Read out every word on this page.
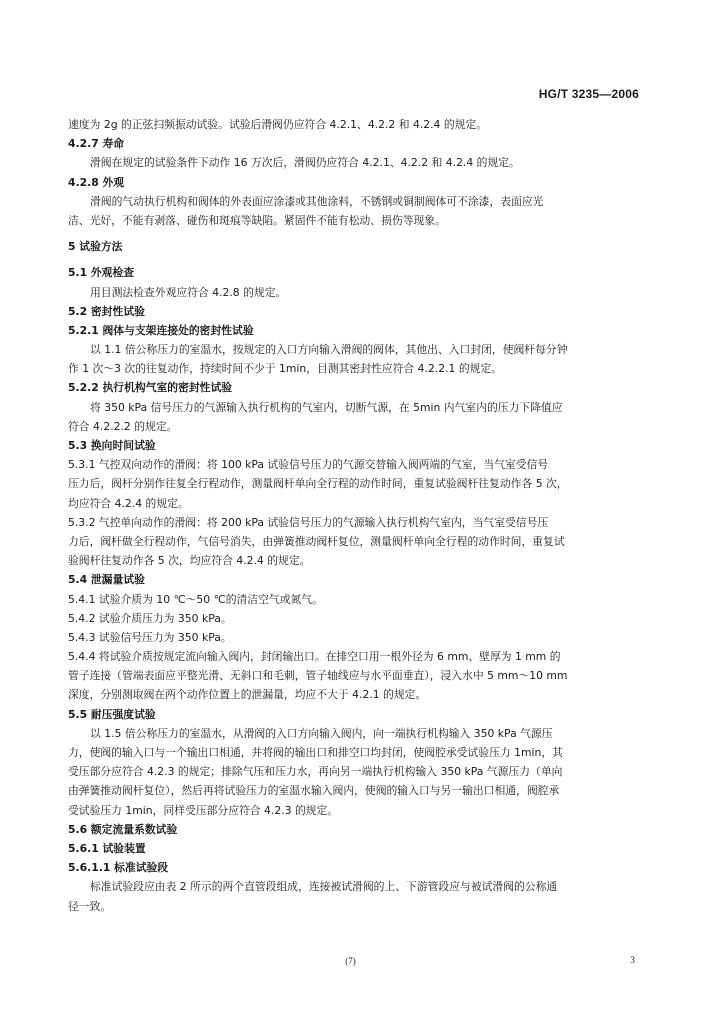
HG/T 3235—2006
速度为 2g 的正弦扫频振动试验。试验后滑阀仍应符合 4.2.1、4.2.2 和 4.2.4 的规定。
4.2.7 寿命
滑阀在规定的试验条件下动作 16 万次后，滑阀仍应符合 4.2.1、4.2.2 和 4.2.4 的规定。
4.2.8 外观
滑阀的气动执行机构和阀体的外表面应涂漆或其他涂料，不锈钢或铜制阀体可不涂漆，表面应光
洁、光好，不能有剥落、碰伤和斑痕等缺陷。紧固件不能有松动、损伤等现象。
5 试验方法
5.1 外观检查
用目测法检查外观应符合 4.2.8 的规定。
5.2 密封性试验
5.2.1 阀体与支架连接处的密封性试验
以 1.1 倍公称压力的室温水，按规定的入口方向输入滑阀的阀体，其他出、入口封闭，使阀杆每分钟
作 1 次～3 次的往复动作，持续时间不少于 1min，目测其密封性应符合 4.2.2.1 的规定。
5.2.2 执行机构气室的密封性试验
将 350 kPa 信号压力的气源输入执行机构的气室内，切断气源，在 5min 内气室内的压力下降值应
符合 4.2.2.2 的规定。
5.3 换向时间试验
5.3.1 气控双向动作的滑阀：将 100 kPa 试验信号压力的气源交替输入阀两端的气室，当气室受信号
压力后，阀杆分别作往复全行程动作，测量阀杆单向全行程的动作时间，重复试验阀杆往复动作各 5 次，
均应符合 4.2.4 的规定。
5.3.2 气控单向动作的滑阀：将 200 kPa 试验信号压力的气源输入执行机构气室内，当气室受信号压
力后，阀杆做全行程动作，气信号消失，由弹簧推动阀杆复位，测量阀杆单向全行程的动作时间，重复试
验阀杆往复动作各 5 次，均应符合 4.2.4 的规定。
5.4 泄漏量试验
5.4.1 试验介质为 10 ℃～50 ℃的清洁空气或氮气。
5.4.2 试验介质压力为 350 kPa。
5.4.3 试验信号压力为 350 kPa。
5.4.4 将试验介质按规定流向输入阀内，封闭输出口。在排空口用一根外径为 6 mm、壁厚为 1 mm 的
管子连接（管端表面应平整光滑、无斜口和毛刺，管子轴线应与水平面垂直），浸入水中 5 mm～10 mm
深度，分别测取阀在两个动作位置上的泄漏量，均应不大于 4.2.1 的规定。
5.5 耐压强度试验
以 1.5 倍公称压力的室温水，从滑阀的入口方向输入阀内，向一端执行机构输入 350 kPa 气源压
力，使阀的输入口与一个输出口相通，并将阀的输出口和排空口均封闭，使阀腔承受试验压力 1min，其
受压部分应符合 4.2.3 的规定；排除气压和压力水，再向另一端执行机构输入 350 kPa 气源压力（单向
由弹簧推动阀杆复位），然后再将试验压力的室温水输入阀内，使阀的输入口与另一输出口相通，阀腔承
受试验压力 1min，同样受压部分应符合 4.2.3 的规定。
5.6 额定流量系数试验
5.6.1 试验装置
5.6.1.1 标准试验段
标准试验段应由表 2 所示的两个直管段组成，连接被试滑阀的上、下游管段应与被试滑阀的公称通
径一致。
(7)	3
